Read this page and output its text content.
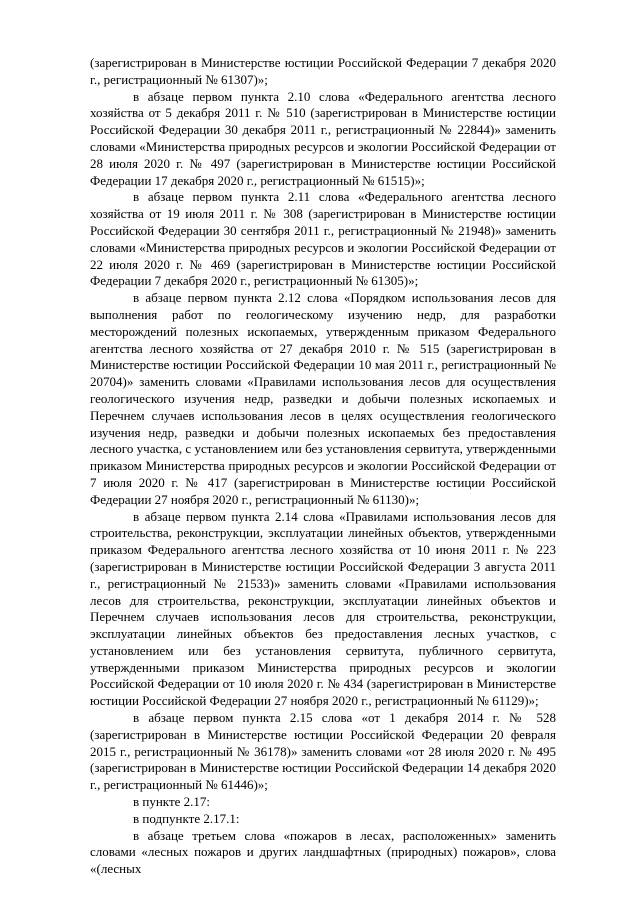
(зарегистрирован в Министерстве юстиции Российской Федерации 7 декабря 2020 г., регистрационный № 61307)»;

в абзаце первом пункта 2.10 слова «Федерального агентства лесного хозяйства от 5 декабря 2011 г. № 510 (зарегистрирован в Министерстве юстиции Российской Федерации 30 декабря 2011 г., регистрационный № 22844)» заменить словами «Министерства природных ресурсов и экологии Российской Федерации от 28 июля 2020 г. № 497 (зарегистрирован в Министерстве юстиции Российской Федерации 17 декабря 2020 г., регистрационный № 61515)»;

в абзаце первом пункта 2.11 слова «Федерального агентства лесного хозяйства от 19 июля 2011 г. № 308 (зарегистрирован в Министерстве юстиции Российской Федерации 30 сентября 2011 г., регистрационный № 21948)» заменить словами «Министерства природных ресурсов и экологии Российской Федерации от 22 июля 2020 г. № 469 (зарегистрирован в Министерстве юстиции Российской Федерации 7 декабря 2020 г., регистрационный № 61305)»;

в абзаце первом пункта 2.12 слова «Порядком использования лесов для выполнения работ по геологическому изучению недр, для разработки месторождений полезных ископаемых, утвержденным приказом Федерального агентства лесного хозяйства от 27 декабря 2010 г. № 515 (зарегистрирован в Министерстве юстиции Российской Федерации 10 мая 2011 г., регистрационный № 20704)» заменить словами «Правилами использования лесов для осуществления геологического изучения недр, разведки и добычи полезных ископаемых и Перечнем случаев использования лесов в целях осуществления геологического изучения недр, разведки и добычи полезных ископаемых без предоставления лесного участка, с установлением или без установления сервитута, утвержденными приказом Министерства природных ресурсов и экологии Российской Федерации от 7 июля 2020 г. № 417 (зарегистрирован в Министерстве юстиции Российской Федерации 27 ноября 2020 г., регистрационный № 61130)»;

в абзаце первом пункта 2.14 слова «Правилами использования лесов для строительства, реконструкции, эксплуатации линейных объектов, утвержденными приказом Федерального агентства лесного хозяйства от 10 июня 2011 г. № 223 (зарегистрирован в Министерстве юстиции Российской Федерации 3 августа 2011 г., регистрационный № 21533)» заменить словами «Правилами использования лесов для строительства, реконструкции, эксплуатации линейных объектов и Перечнем случаев использования лесов для строительства, реконструкции, эксплуатации линейных объектов без предоставления лесных участков, с установлением или без установления сервитута, публичного сервитута, утвержденными приказом Министерства природных ресурсов и экологии Российской Федерации от 10 июля 2020 г. № 434 (зарегистрирован в Министерстве юстиции Российской Федерации 27 ноября 2020 г., регистрационный № 61129)»;

в абзаце первом пункта 2.15 слова «от 1 декабря 2014 г. № 528 (зарегистрирован в Министерстве юстиции Российской Федерации 20 февраля 2015 г., регистрационный № 36178)» заменить словами «от 28 июля 2020 г. № 495 (зарегистрирован в Министерстве юстиции Российской Федерации 14 декабря 2020 г., регистрационный № 61446)»;

в пункте 2.17:

в подпункте 2.17.1:

в абзаце третьем слова «пожаров в лесах, расположенных» заменить словами «лесных пожаров и других ландшафтных (природных) пожаров», слова «(лесных
